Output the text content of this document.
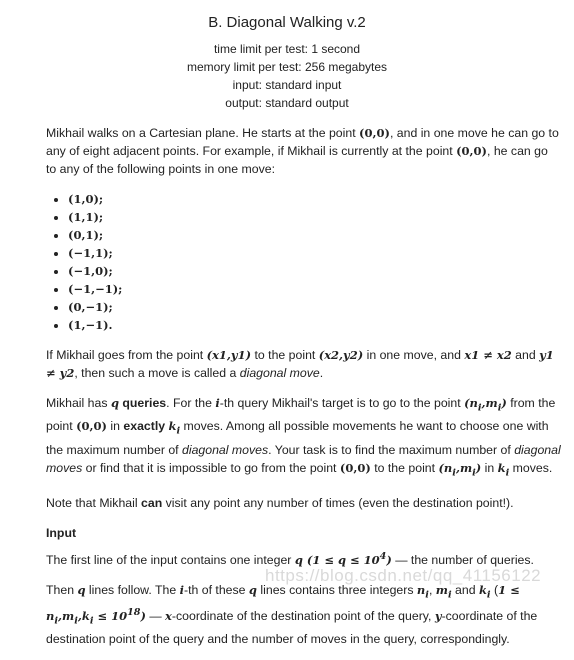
B. Diagonal Walking v.2
time limit per test: 1 second
memory limit per test: 256 megabytes
input: standard input
output: standard output

Mikhail walks on a Cartesian plane. He starts at the point (0,0), and in one move he can go to any of eight adjacent points. For example, if Mikhail is currently at the point (0,0), he can go to any of the following points in one move:

• (1,0);
• (1,1);
• (0,1);
• (−1,1);
• (−1,0);
• (−1,−1);
• (0,−1);
• (1,−1).

If Mikhail goes from the point (x1,y1) to the point (x2,y2) in one move, and x1 ≠ x2 and y1 ≠ y2, then such a move is called a diagonal move.

Mikhail has q queries. For the i-th query Mikhail's target is to go to the point $(n_i,m_i)$ from the point (0,0) in exactly $k_i$ moves. Among all possible movements he want to choose one with the maximum number of diagonal moves. Your task is to find the maximum number of diagonal moves or find that it is impossible to go from the point (0,0) to the point $(n_i,m_i)$ in $k_i$ moves.

Note that Mikhail can visit any point any number of times (even the destination point!).

Input

The first line of the input contains one integer q $(1 \le q \le 10^4)$ — the number of queries.

Then q lines follow. The i-th of these q lines contains three integers $n_i$, $m_i$ and $k_i$ $(1 \le n_i,m_i,k_i \le 10^{18})$ — x-coordinate of the destination point of the query, y-coordinate of the destination point of the query and the number of moves in the query, correspondingly.

https://blog.csdn.net/qq_41156122
